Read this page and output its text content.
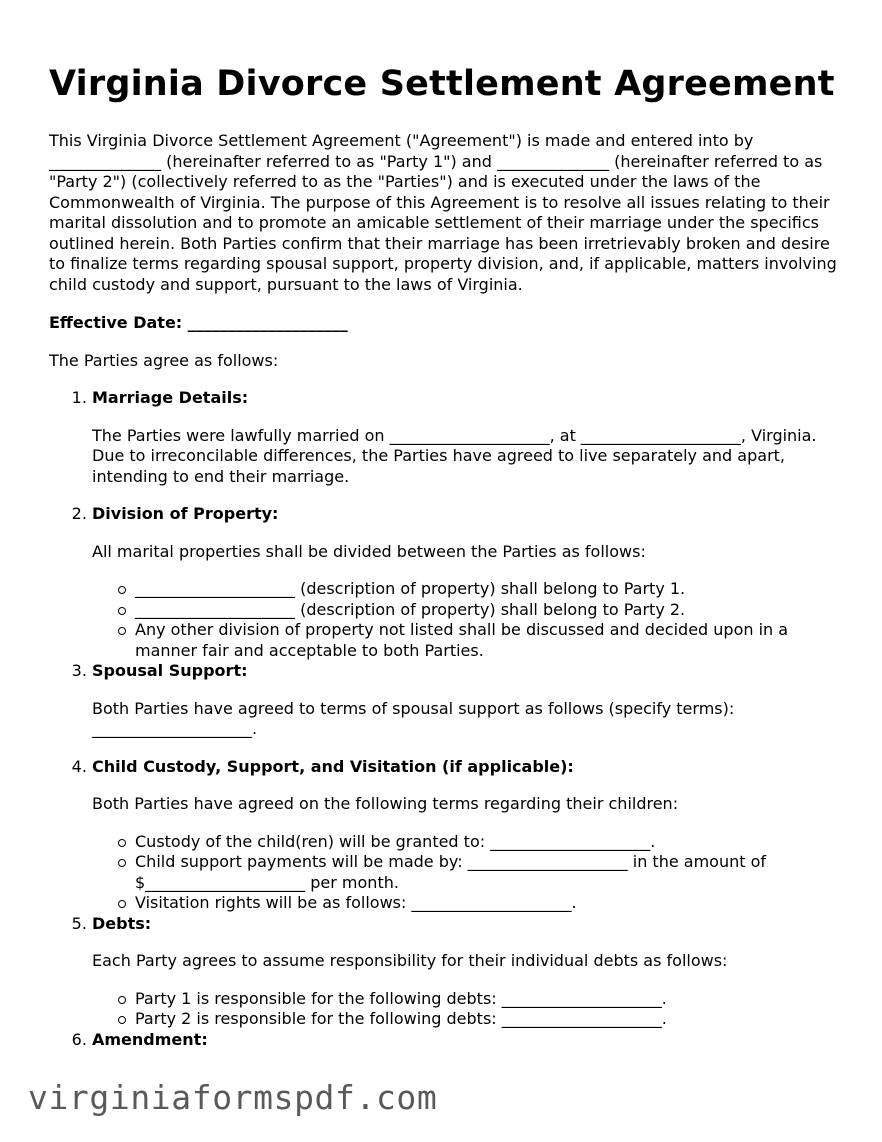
Virginia Divorce Settlement Agreement

This Virginia Divorce Settlement Agreement ("Agreement") is made and entered into by ______________ (hereinafter referred to as "Party 1") and ______________ (hereinafter referred to as "Party 2") (collectively referred to as the "Parties") and is executed under the laws of the Commonwealth of Virginia. The purpose of this Agreement is to resolve all issues relating to their marital dissolution and to promote an amicable settlement of their marriage under the specifics outlined herein. Both Parties confirm that their marriage has been irretrievably broken and desire to finalize terms regarding spousal support, property division, and, if applicable, matters involving child custody and support, pursuant to the laws of Virginia.

Effective Date: ____________________

The Parties agree as follows:

1. Marriage Details:

The Parties were lawfully married on ____________________, at ____________________, Virginia. Due to irreconcilable differences, the Parties have agreed to live separately and apart, intending to end their marriage.

2. Division of Property:

All marital properties shall be divided between the Parties as follows:

____________________ (description of property) shall belong to Party 1.
____________________ (description of property) shall belong to Party 2.
Any other division of property not listed shall be discussed and decided upon in a manner fair and acceptable to both Parties.
3. Spousal Support:

Both Parties have agreed to terms of spousal support as follows (specify terms): ____________________.

4. Child Custody, Support, and Visitation (if applicable):

Both Parties have agreed on the following terms regarding their children:

Custody of the child(ren) will be granted to: ____________________.
Child support payments will be made by: ____________________ in the amount of $____________________ per month.
Visitation rights will be as follows: ____________________.
5. Debts:

Each Party agrees to assume responsibility for their individual debts as follows:

Party 1 is responsible for the following debts: ____________________.
Party 2 is responsible for the following debts: ____________________.
6. Amendment:
virginiaformspdf.com
